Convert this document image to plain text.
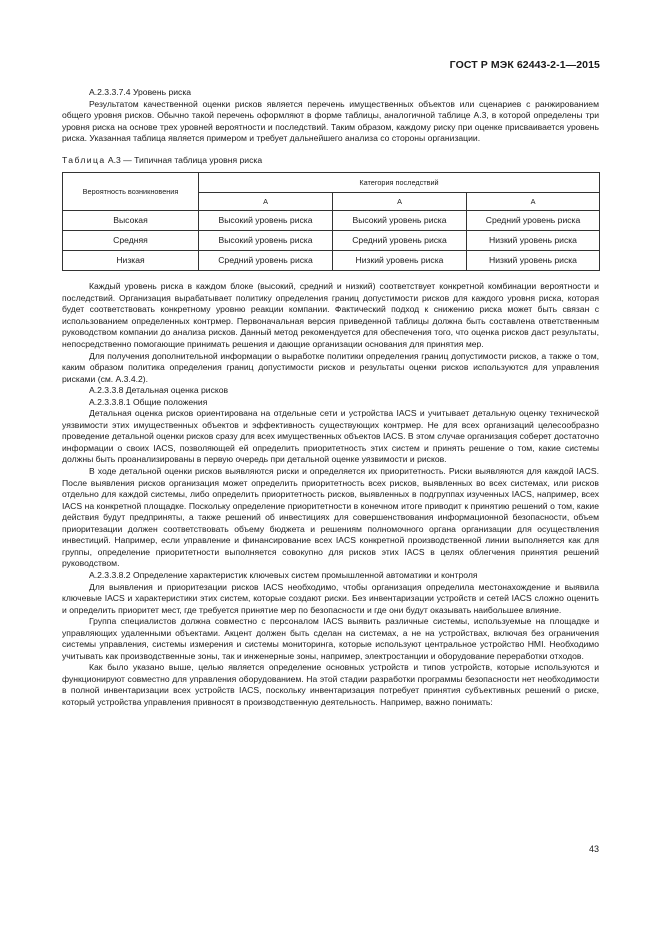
ГОСТ Р МЭК 62443-2-1—2015

А.2.3.3.7.4 Уровень риска

Результатом качественной оценки рисков является перечень имущественных объектов или сценариев с ранжированием общего уровня рисков. Обычно такой перечень оформляют в форме таблицы, аналогичной таблице А.3, в которой определены три уровня риска на основе трех уровней вероятности и последствий. Таким образом, каждому риску при оценке присваивается уровень риска. Указанная таблица является примером и требует дальнейшего анализа со стороны организации.

Таблица А.3 — Типичная таблица уровня риска

Вероятность возникновения	Категория последствий		
	А	А	А
Высокая	Высокий уровень риска	Высокий уровень риска	Средний уровень риска
Средняя	Высокий уровень риска	Средний уровень риска	Низкий уровень риска
Низкая	Средний уровень риска	Низкий уровень риска	Низкий уровень риска

Каждый уровень риска в каждом блоке (высокий, средний и низкий) соответствует конкретной комбинации вероятности и последствий. Организация вырабатывает политику определения границ допустимости рисков для каждого уровня риска, которая будет соответствовать конкретному уровню реакции компании. Фактический подход к снижению риска может быть связан с использованием определенных контрмер. Первоначальная версия приведенной таблицы должна быть составлена ответственным руководством компании до анализа рисков. Данный метод рекомендуется для обеспечения того, что оценка рисков даст результаты, непосредственно помогающие принимать решения и дающие организации основания для принятия мер.

Для получения дополнительной информации о выработке политики определения границ допустимости рисков, а также о том, каким образом политика определения границ допустимости рисков и результаты оценки рисков используются для управления рисками (см. А.3.4.2).

А.2.3.3.8 Детальная оценка рисков

А.2.3.3.8.1 Общие положения

Детальная оценка рисков ориентирована на отдельные сети и устройства IACS и учитывает детальную оценку технической уязвимости этих имущественных объектов и эффективность существующих контрмер. Не для всех организаций целесообразно проведение детальной оценки рисков сразу для всех имущественных объектов IACS. В этом случае организация соберет достаточно информации о своих IACS, позволяющей ей определить приоритетность этих систем и принять решение о том, какие системы должны быть проанализированы в первую очередь при детальной оценке уязвимости и рисков.

В ходе детальной оценки рисков выявляются риски и определяется их приоритетность. Риски выявляются для каждой IACS. После выявления рисков организация может определить приоритетность всех рисков, выявленных во всех системах, или рисков отдельно для каждой системы, либо определить приоритетность рисков, выявленных в подгруппах изученных IACS, например, всех IACS на конкретной площадке. Поскольку определение приоритетности в конечном итоге приводит к принятию решений о том, какие действия будут предприняты, а также решений об инвестициях для совершенствования информационной безопасности, объем приоритезации должен соответствовать объему бюджета и решениям полномочного органа организации для осуществления инвестиций. Например, если управление и финансирование всех IACS конкретной производственной линии выполняется как для группы, определение приоритетности выполняется совокупно для рисков этих IACS в целях облегчения принятия решений руководством.

А.2.3.3.8.2 Определение характеристик ключевых систем промышленной автоматики и контроля

Для выявления и приоритезации рисков IACS необходимо, чтобы организация определила местонахождение и выявила ключевые IACS и характеристики этих систем, которые создают риски. Без инвентаризации устройств и сетей IACS сложно оценить и определить приоритет мест, где требуется принятие мер по безопасности и где они будут оказывать наибольшее влияние.

Группа специалистов должна совместно с персоналом IACS выявить различные системы, используемые на площадке и управляющих удаленными объектами. Акцент должен быть сделан на системах, а не на устройствах, включая без ограничения системы управления, системы измерения и системы мониторинга, которые используют центральное устройство HMI. Необходимо учитывать как производственные зоны, так и инженерные зоны, например, электростанции и оборудование переработки отходов.

Как было указано выше, целью является определение основных устройств и типов устройств, которые используются и функционируют совместно для управления оборудованием. На этой стадии разработки программы безопасности нет необходимости в полной инвентаризации всех устройств IACS, поскольку инвентаризация потребует принятия субъективных решений о риске, который устройства управления привносят в производственную деятельность. Например, важно понимать:

43
